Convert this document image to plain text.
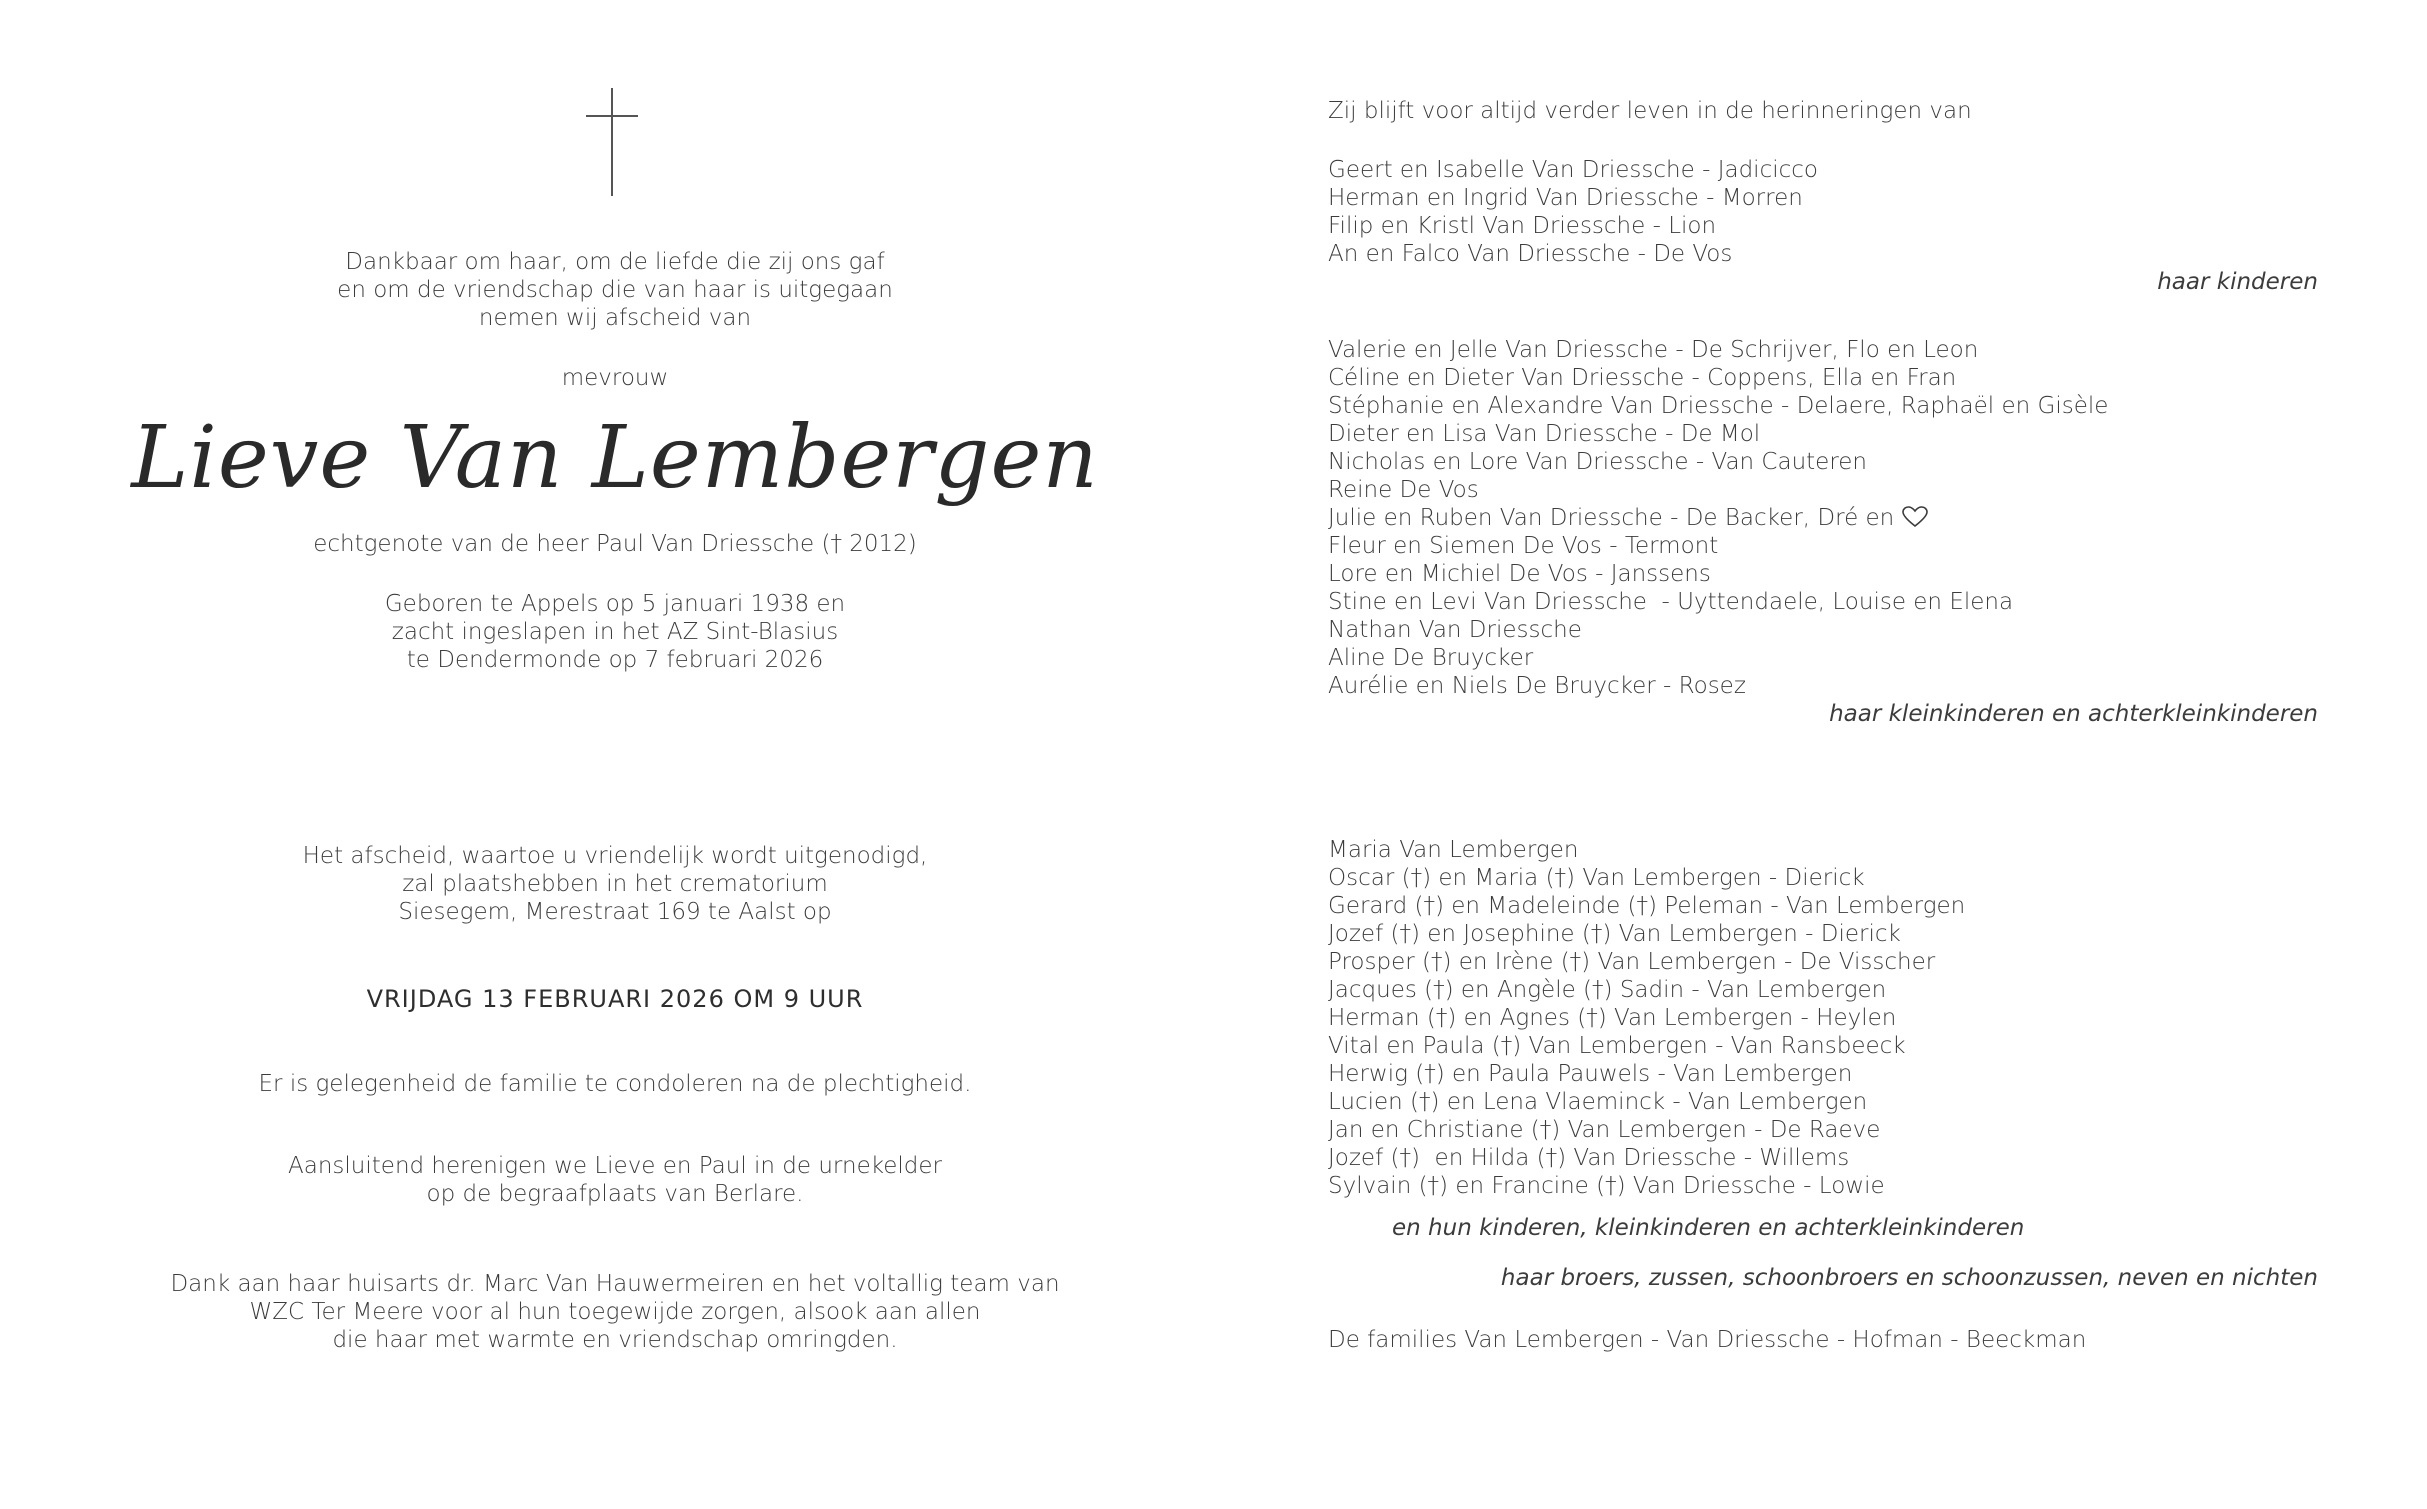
Dankbaar om haar, om de liefde die zij ons gaf
en om de vriendschap die van haar is uitgegaan
nemen wij afscheid van
mevrouw
Lieve Van Lembergen
echtgenote van de heer Paul Van Driessche († 2012)
Geboren te Appels op 5 januari 1938 en
zacht ingeslapen in het AZ Sint-Blasius
te Dendermonde op 7 februari 2026
Het afscheid, waartoe u vriendelijk wordt uitgenodigd,
zal plaatshebben in het crematorium
Siesegem, Merestraat 169 te Aalst op
VRIJDAG 13 FEBRUARI 2026 OM 9 UUR
Er is gelegenheid de familie te condoleren na de plechtigheid.
Aansluitend herenigen we Lieve en Paul in de urnekelder
op de begraafplaats van Berlare.
Dank aan haar huisarts dr. Marc Van Hauwermeiren en het voltallig team van
WZC Ter Meere voor al hun toegewijde zorgen, alsook aan allen
die haar met warmte en vriendschap omringden.
Zij blijft voor altijd verder leven in de herinneringen van
Geert en Isabelle Van Driessche - Jadicicco
Herman en Ingrid Van Driessche - Morren
Filip en Kristl Van Driessche - Lion
An en Falco Van Driessche - De Vos
haar kinderen
Valerie en Jelle Van Driessche - De Schrijver, Flo en Leon
Céline en Dieter Van Driessche - Coppens, Ella en Fran
Stéphanie en Alexandre Van Driessche - Delaere, Raphaël en Gisèle
Dieter en Lisa Van Driessche - De Mol
Nicholas en Lore Van Driessche - Van Cauteren
Reine De Vos
Julie en Ruben Van Driessche - De Backer, Dré en
Fleur en Siemen De Vos - Termont
Lore en Michiel De Vos - Janssens
Stine en Levi Van Driessche  - Uyttendaele, Louise en Elena
Nathan Van Driessche
Aline De Bruycker
Aurélie en Niels De Bruycker - Rosez
haar kleinkinderen en achterkleinkinderen
Maria Van Lembergen
Oscar (†) en Maria (†) Van Lembergen - Dierick
Gerard (†) en Madeleinde (†) Peleman - Van Lembergen
Jozef (†) en Josephine (†) Van Lembergen - Dierick
Prosper (†) en Irène (†) Van Lembergen - De Visscher
Jacques (†) en Angèle (†) Sadin - Van Lembergen
Herman (†) en Agnes (†) Van Lembergen - Heylen
Vital en Paula (†) Van Lembergen - Van Ransbeeck
Herwig (†) en Paula Pauwels - Van Lembergen
Lucien (†) en Lena Vlaeminck - Van Lembergen
Jan en Christiane (†) Van Lembergen - De Raeve
Jozef (†)  en Hilda (†) Van Driessche - Willems
Sylvain (†) en Francine (†) Van Driessche - Lowie
en hun kinderen, kleinkinderen en achterkleinkinderen
haar broers, zussen, schoonbroers en schoonzussen, neven en nichten
De families Van Lembergen - Van Driessche - Hofman - Beeckman
